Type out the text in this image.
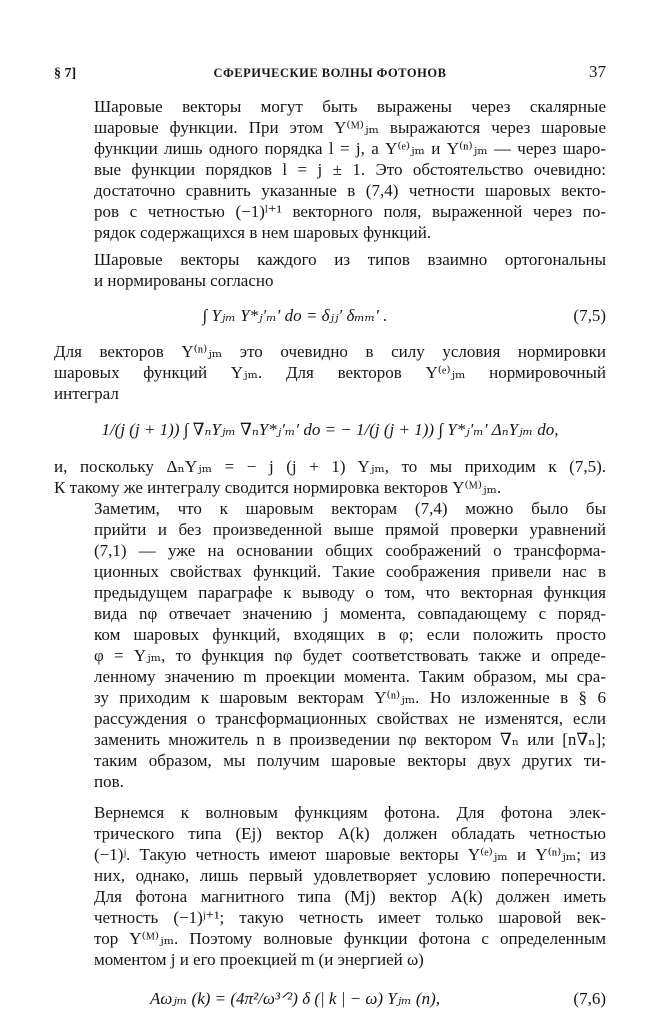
§ 7]	СФЕРИЧЕСКИЕ ВОЛНЫ ФОТОНОВ	37
Шаровые векторы могут быть выражены через скалярные
шаровые функции. При этом Y⁽ᴹ⁾ⱼₘ выражаются через шаровые
функции лишь одного порядка l = j, а Y⁽ᵉ⁾ⱼₘ и Y⁽ⁿ⁾ⱼₘ — через шаро-
вые функции порядков l = j ± 1. Это обстоятельство очевидно:
достаточно сравнить указанные в (7,4) четности шаровых векто-
ров с четностью (−1)ˡ⁺¹ векторного поля, выраженной через по-
рядок содержащихся в нем шаровых функций.
Шаровые векторы каждого из типов взаимно ортогональны
и нормированы согласно
∫ Yⱼₘ Y*ⱼ′ₘ′ do = δⱼⱼ′ δₘₘ′ .	(7,5)
Для векторов Y⁽ⁿ⁾ⱼₘ это очевидно в силу условия нормировки
шаровых функций Yⱼₘ. Для векторов Y⁽ᵉ⁾ⱼₘ нормировочный
интеграл
1/(j (j + 1)) ∫ ∇ₙYⱼₘ ∇ₙY*ⱼ′ₘ′ do = − 1/(j (j + 1)) ∫ Y*ⱼ′ₘ′ ΔₙYⱼₘ do,
и, поскольку ΔₙYⱼₘ = − j (j + 1) Yⱼₘ, то мы приходим к (7,5).
К такому же интегралу сводится нормировка векторов Y⁽ᴹ⁾ⱼₘ.
Заметим, что к шаровым векторам (7,4) можно было бы
прийти и без произведенной выше прямой проверки уравнений
(7,1) — уже на основании общих соображений о трансформа-
ционных свойствах функций. Такие соображения привели нас в
предыдущем параграфе к выводу о том, что векторная функция
вида nφ отвечает значению j момента, совпадающему с поряд-
ком шаровых функций, входящих в φ; если положить просто
φ = Yⱼₘ, то функция nφ будет соответствовать также и опреде-
ленному значению m проекции момента. Таким образом, мы сра-
зу приходим к шаровым векторам Y⁽ⁿ⁾ⱼₘ. Но изложенные в § 6
рассуждения о трансформационных свойствах не изменятся, если
заменить множитель n в произведении nφ вектором ∇ₙ или [n∇ₙ];
таким образом, мы получим шаровые векторы двух других ти-
пов.
Вернемся к волновым функциям фотона. Для фотона элек-
трического типа (Ej) вектор A(k) должен обладать четностью
(−1)ʲ. Такую четность имеют шаровые векторы Y⁽ᵉ⁾ⱼₘ и Y⁽ⁿ⁾ⱼₘ; из
них, однако, лишь первый удовлетворяет условию поперечности.
Для фотона магнитного типа (Mj) вектор A(k) должен иметь
четность (−1)ʲ⁺¹; такую четность имеет только шаровой век-
тор Y⁽ᴹ⁾ⱼₘ. Поэтому волновые функции фотона с определенным
моментом j и его проекцией m (и энергией ω)
Aωⱼₘ (k) = (4π²/ω³ᐟ²) δ (| k | − ω) Yⱼₘ (n),	(7,6)
